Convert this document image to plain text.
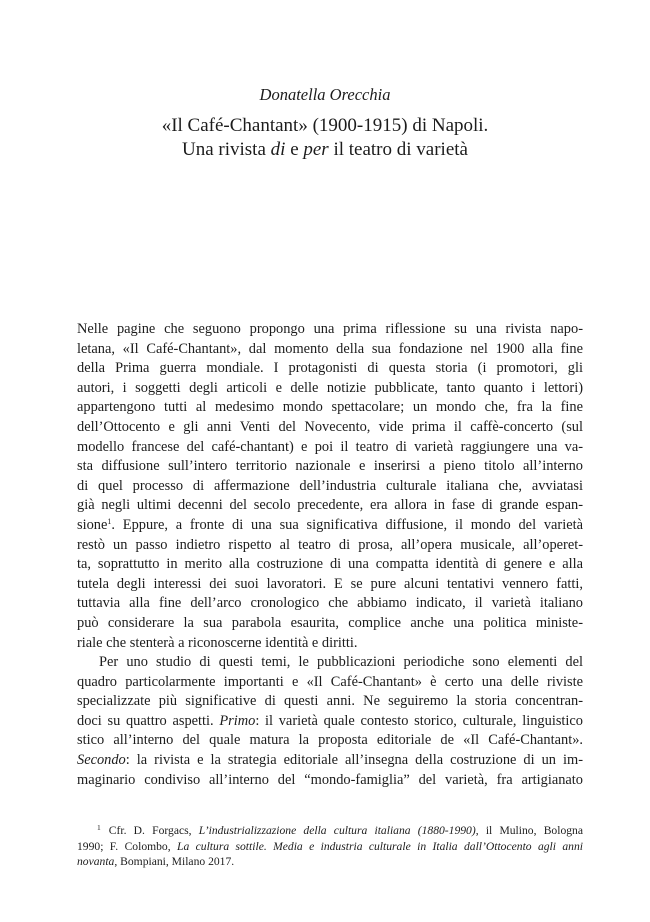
Donatella Orecchia
«Il Café-Chantant» (1900-1915) di Napoli.
Una rivista di e per il teatro di varietà
Nelle pagine che seguono propongo una prima riflessione su una rivista napo-
letana, «Il Café-Chantant», dal momento della sua fondazione nel 1900 alla fine
della Prima guerra mondiale. I protagonisti di questa storia (i promotori, gli
autori, i soggetti degli articoli e delle notizie pubblicate, tanto quanto i lettori)
appartengono tutti al medesimo mondo spettacolare; un mondo che, fra la fine
dell’Ottocento e gli anni Venti del Novecento, vide prima il caffè-concerto (sul
modello francese del café-chantant) e poi il teatro di varietà raggiungere una va-
sta diffusione sull’intero territorio nazionale e inserirsi a pieno titolo all’interno
di quel processo di affermazione dell’industria culturale italiana che, avviatasi
già negli ultimi decenni del secolo precedente, era allora in fase di grande espan-
sione$^1$. Eppure, a fronte di una sua significativa diffusione, il mondo del varietà
restò un passo indietro rispetto al teatro di prosa, all’opera musicale, all’operet-
ta, soprattutto in merito alla costruzione di una compatta identità di genere e alla
tutela degli interessi dei suoi lavoratori. E se pure alcuni tentativi vennero fatti,
tuttavia alla fine dell’arco cronologico che abbiamo indicato, il varietà italiano
può considerare la sua parabola esaurita, complice anche una politica ministe-
riale che stenterà a riconoscerne identità e diritti.
Per uno studio di questi temi, le pubblicazioni periodiche sono elementi del
quadro particolarmente importanti e «Il Café-Chantant» è certo una delle riviste
specializzate più significative di questi anni. Ne seguiremo la storia concentran-
doci su quattro aspetti. Primo: il varietà quale contesto storico, culturale, linguistico
stico all’interno del quale matura la proposta editoriale de «Il Café-Chantant».
Secondo: la rivista e la strategia editoriale all’insegna della costruzione di un im-
maginario condiviso all’interno del “mondo-famiglia” del varietà, fra artigianato
$^1$ Cfr. D. Forgacs, L’industrializzazione della cultura italiana (1880-1990), il Mulino, Bologna
1990; F. Colombo, La cultura sottile. Media e industria culturale in Italia dall’Ottocento agli anni
novanta, Bompiani, Milano 2017.
